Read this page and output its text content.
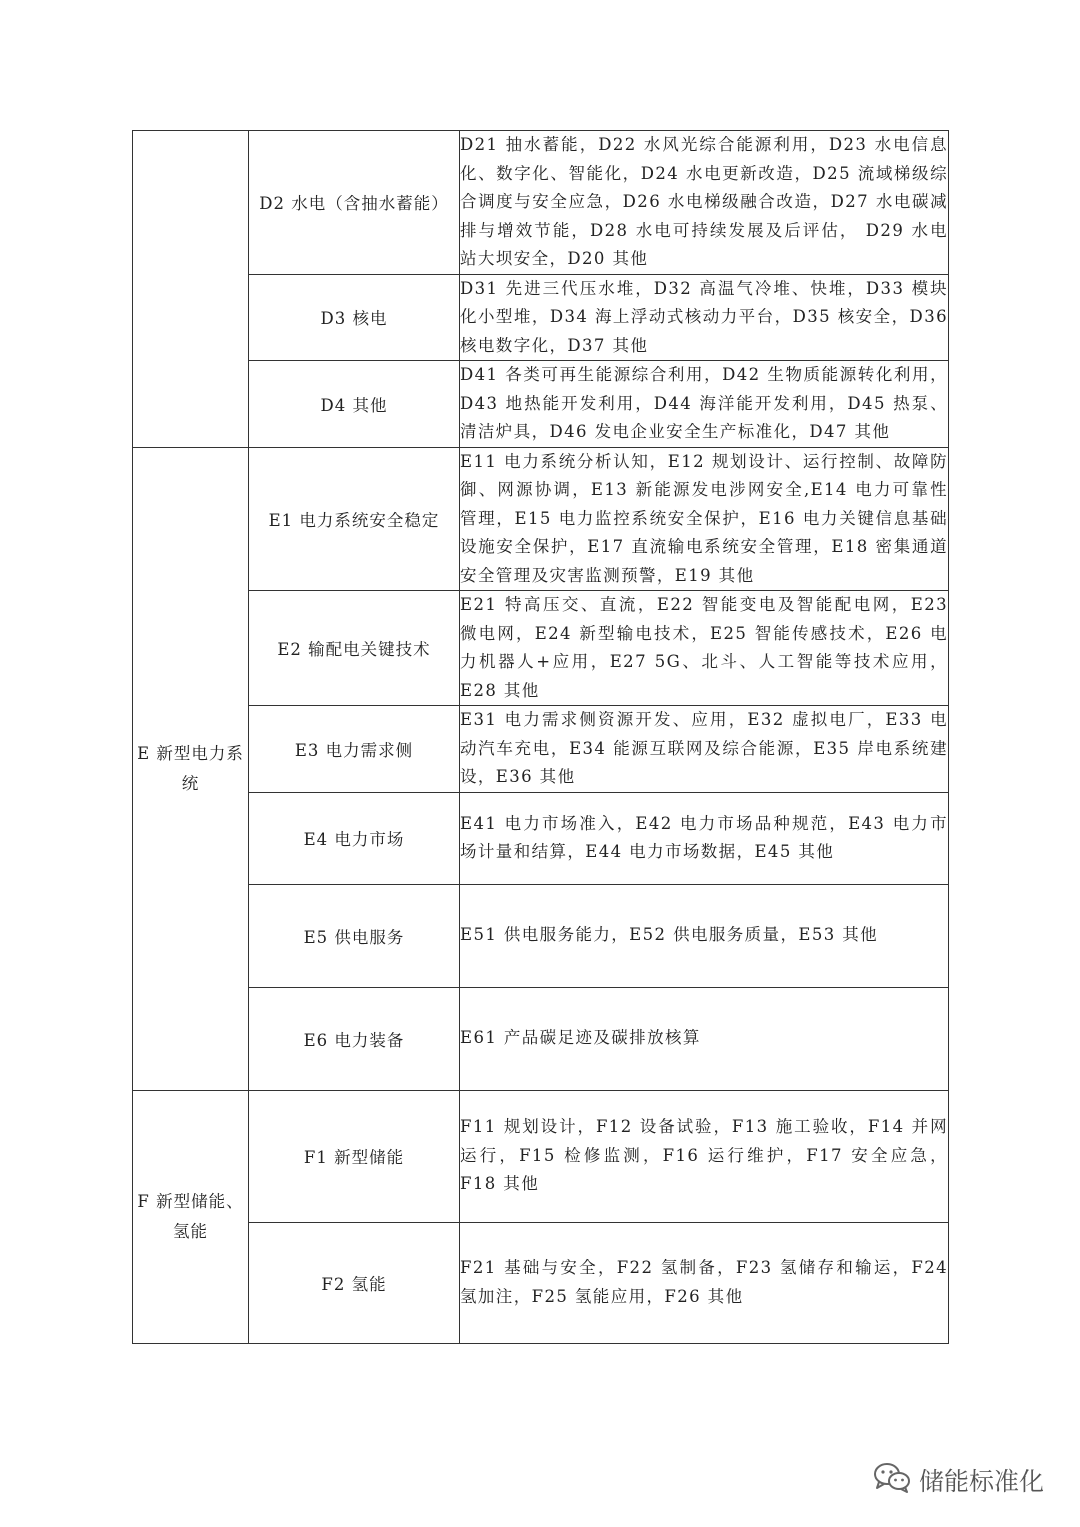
	D2 水电（含抽水蓄能）	D21 抽水蓄能，D22 水风光综合能源利用，D23 水电信息化、数字化、智能化，D24 水电更新改造，D25 流域梯级综合调度与安全应急，D26 水电梯级融合改造，D27 水电碳减排与增效节能，D28 水电可持续发展及后评估， D29 水电站大坝安全，D20 其他
	D3 核电	D31 先进三代压水堆，D32 高温气冷堆、快堆，D33 模块化小型堆，D34 海上浮动式核动力平台，D35 核安全，D36 核电数字化，D37 其他
	D4 其他	D41 各类可再生能源综合利用，D42 生物质能源转化利用，D43 地热能开发利用，D44 海洋能开发利用，D45 热泵、清洁炉具，D46 发电企业安全生产标准化，D47 其他
E 新型电力系统	E1 电力系统安全稳定	E11 电力系统分析认知，E12 规划设计、运行控制、故障防御、网源协调，E13 新能源发电涉网安全,E14 电力可靠性管理，E15 电力监控系统安全保护，E16 电力关键信息基础设施安全保护，E17 直流输电系统安全管理，E18 密集通道安全管理及灾害监测预警，E19 其他
	E2 输配电关键技术	E21 特高压交、直流，E22 智能变电及智能配电网，E23 微电网，E24 新型输电技术，E25 智能传感技术，E26 电力机器人+应用，E27 5G、北斗、人工智能等技术应用，E28 其他
	E3 电力需求侧	E31 电力需求侧资源开发、应用，E32 虚拟电厂，E33 电动汽车充电，E34 能源互联网及综合能源，E35 岸电系统建设，E36 其他
	E4 电力市场	E41 电力市场准入，E42 电力市场品种规范，E43 电力市场计量和结算，E44 电力市场数据，E45 其他
	E5 供电服务	E51 供电服务能力，E52 供电服务质量，E53 其他
	E6 电力装备	E61 产品碳足迹及碳排放核算
F 新型储能、氢能	F1 新型储能	F11 规划设计，F12 设备试验，F13 施工验收，F14 并网运行，F15 检修监测，F16 运行维护，F17 安全应急，F18 其他
	F2 氢能	F21 基础与安全，F22 氢制备，F23 氢储存和输运，F24 氢加注，F25 氢能应用，F26 其他
储能标准化
